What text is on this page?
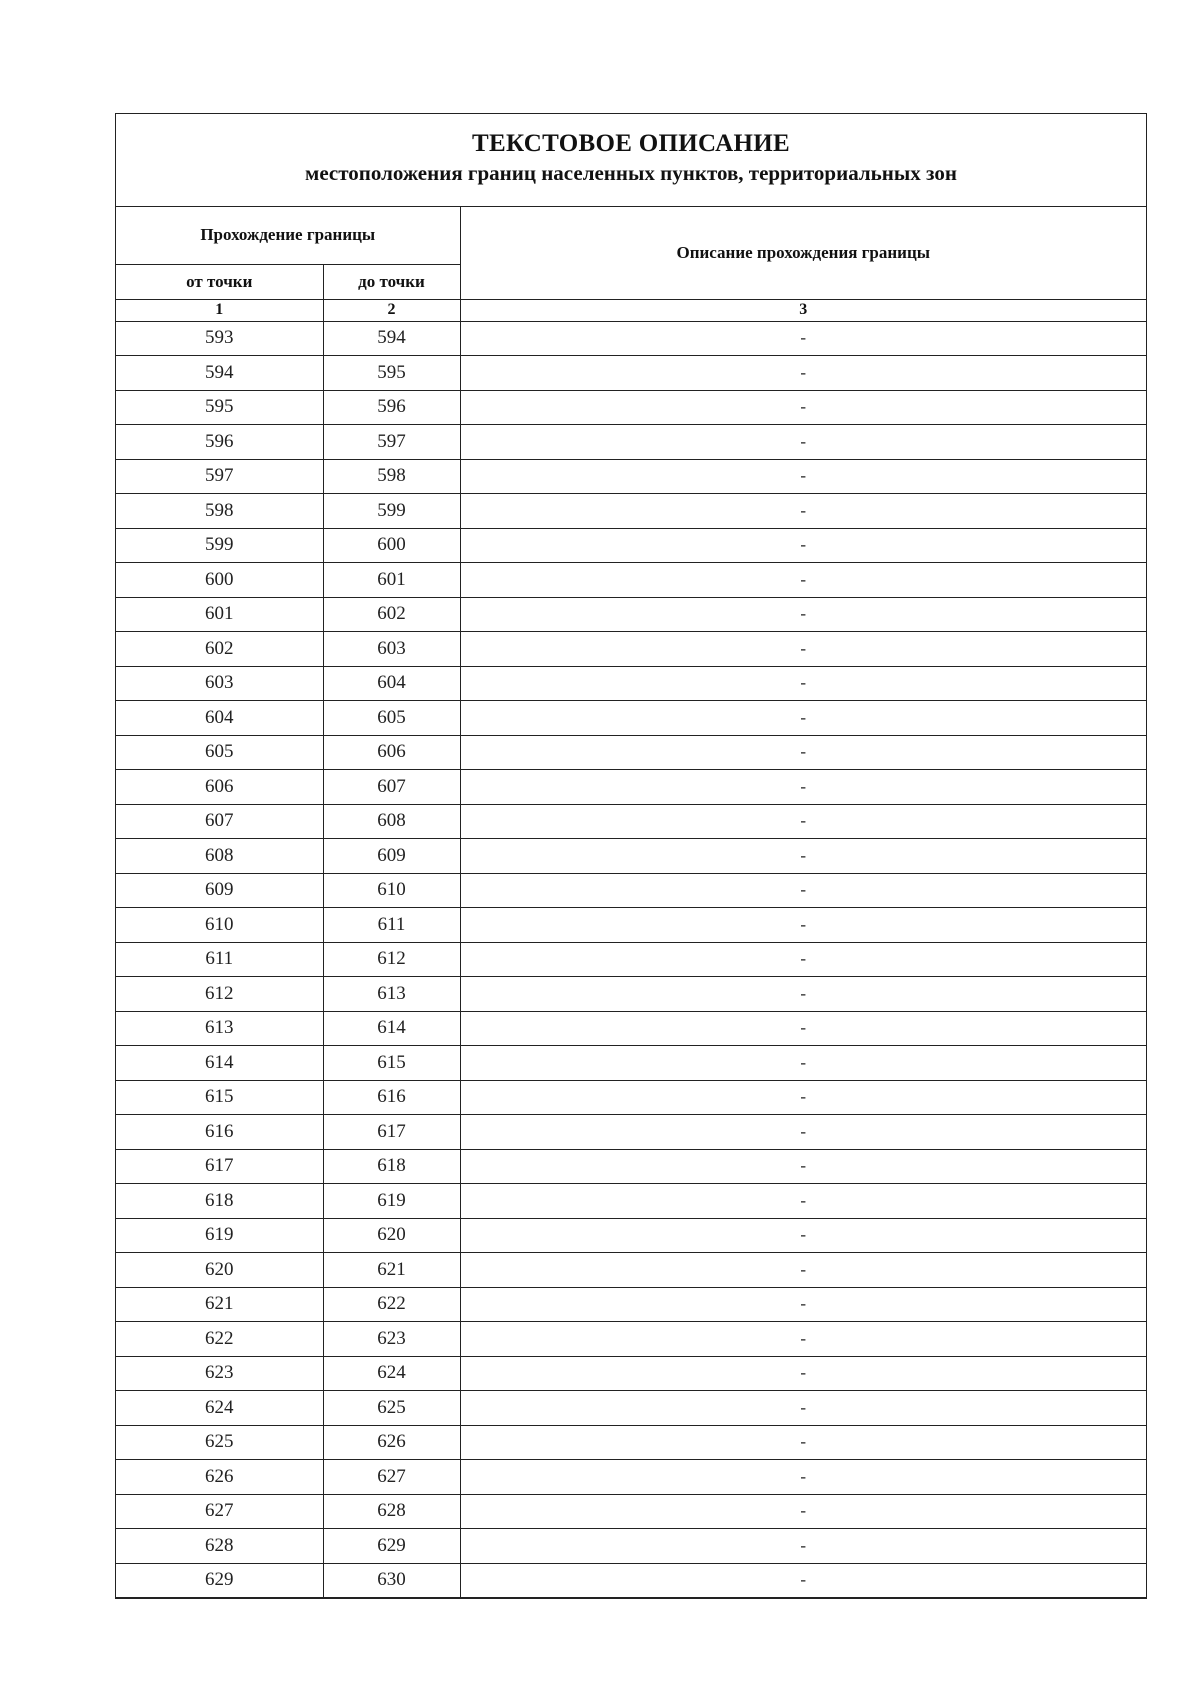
ТЕКСТОВОЕ ОПИСАНИЕ
местоположения границ населенных пунктов, территориальных зон
Прохождение границы		Описание прохождения границы
от точки	до точки	
1	2	3
593	594	-
594	595	-
595	596	-
596	597	-
597	598	-
598	599	-
599	600	-
600	601	-
601	602	-
602	603	-
603	604	-
604	605	-
605	606	-
606	607	-
607	608	-
608	609	-
609	610	-
610	611	-
611	612	-
612	613	-
613	614	-
614	615	-
615	616	-
616	617	-
617	618	-
618	619	-
619	620	-
620	621	-
621	622	-
622	623	-
623	624	-
624	625	-
625	626	-
626	627	-
627	628	-
628	629	-
629	630	-
